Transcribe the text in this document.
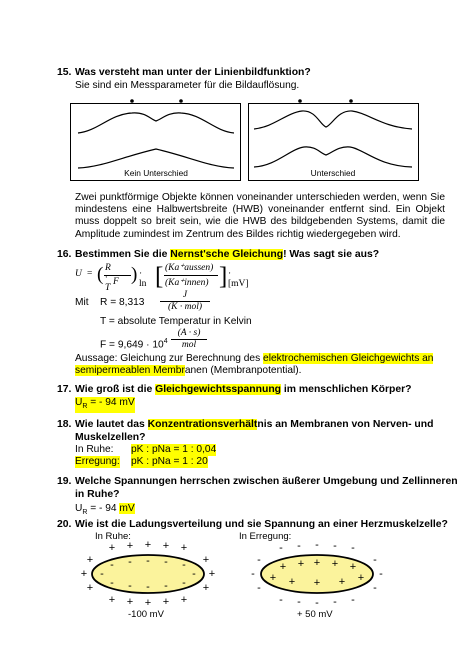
15. Was versteht man unter der Linienbildfunktion?
Sie sind ein Messparameter für die Bildauflösung.
Kein Unterschied	Unterschied
Zwei punktförmige Objekte können voneinander unterschieden werden, wenn Sie mindestens eine Halbwertsbreite (HWB) voneinander entfernt sind. Ein Objekt muss doppelt so breit sein, wie die HWB des bildgebenden Systems, damit die Amplitude zumindest im Zentrum des Bildes richtig wiedergegeben wird.
16. Bestimmen Sie die Nernst'sche Gleichung! Was sagt sie aus?
U = ( R · T
F ) · ln [ (Ka⁺aussen)
(Ka⁺innen) ] · [mV]
Mit R = 8,313
J
(K · mol)
T = absolute Temperatur in Kelvin
$F = 9,649 \cdot 10^4$
(A · s)
mol
Aussage: Gleichung zur Berechnung des elektrochemischen Gleichgewichts an
semipermeablen Membranen (Membranpotential).
17. Wie groß ist die Gleichgewichtsspannung im menschlichen Körper?
$U_R$ = - 94 mV
18. Wie lautet das Konzentrationsverhältnis an Membranen von Nerven- und
Muskelzellen?
In Ruhe: pK : pNa = 1 : 0,04
Erregung: pK : pNa = 1 : 20
19. Welche Spannungen herrschen zwischen äußerer Umgebung und Zellinneren
in Ruhe?
$U_R$ = - 94 mV
20. Wie ist die Ladungsverteilung und sie Spannung an einer Herzmuskelzelle?
In Ruhe:	In Erregung:
+ + + + +
+	+
+	+
+	+
+ + + + +
- - - - -
-	-
- - - - -
- - - - -
-	-
-	-
-	-
- - - - -
+ + + + +
+	+
+ + +
-100 mV	+ 50 mV
